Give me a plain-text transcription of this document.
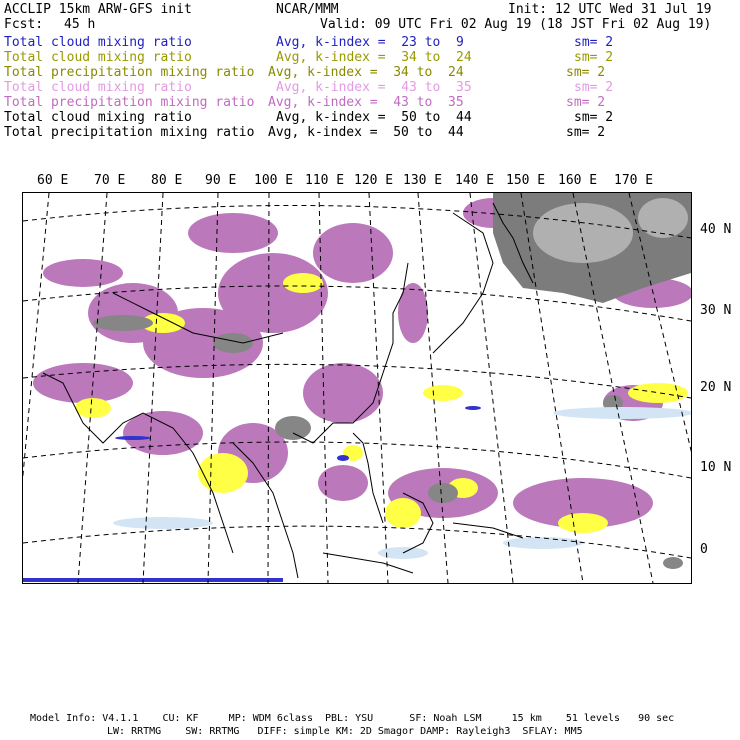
ACCLIP 15km ARW-GFS init	NCAR/MMM	Init: 12 UTC Wed 31 Jul 19
Fcst: 45 h	Valid: 09 UTC Fri 02 Aug 19 (18 JST Fri 02 Aug 19)
Total cloud mixing ratio	Avg, k-index =  23 to  9	sm= 2
Total cloud mixing ratio	Avg, k-index =  34 to  24	sm= 2
Total precipitation mixing ratio Avg, k-index =  34 to  24	sm= 2
Total cloud mixing ratio	Avg, k-index =  43 to  35	sm= 2
Total precipitation mixing ratio Avg, k-index =  43 to  35	sm= 2
Total cloud mixing ratio	Avg, k-index =  50 to  44	sm= 2
Total precipitation mixing ratio Avg, k-index =  50 to  44	sm= 2
60 E 70 E 80 E 90 E 100 E 110 E 120 E 130 E 140 E 150 E 160 E 170 E
40 N
30 N
20 N
10 N
0
Model Info: V4.1.1    CU: KF     MP: WDM 6class  PBL: YSU      SF: Noah LSM     15 km    51 levels   90 sec
LW: RRTMG    SW: RRTMG   DIFF: simple KM: 2D Smagor DAMP: Rayleigh3  SFLAY: MM5
